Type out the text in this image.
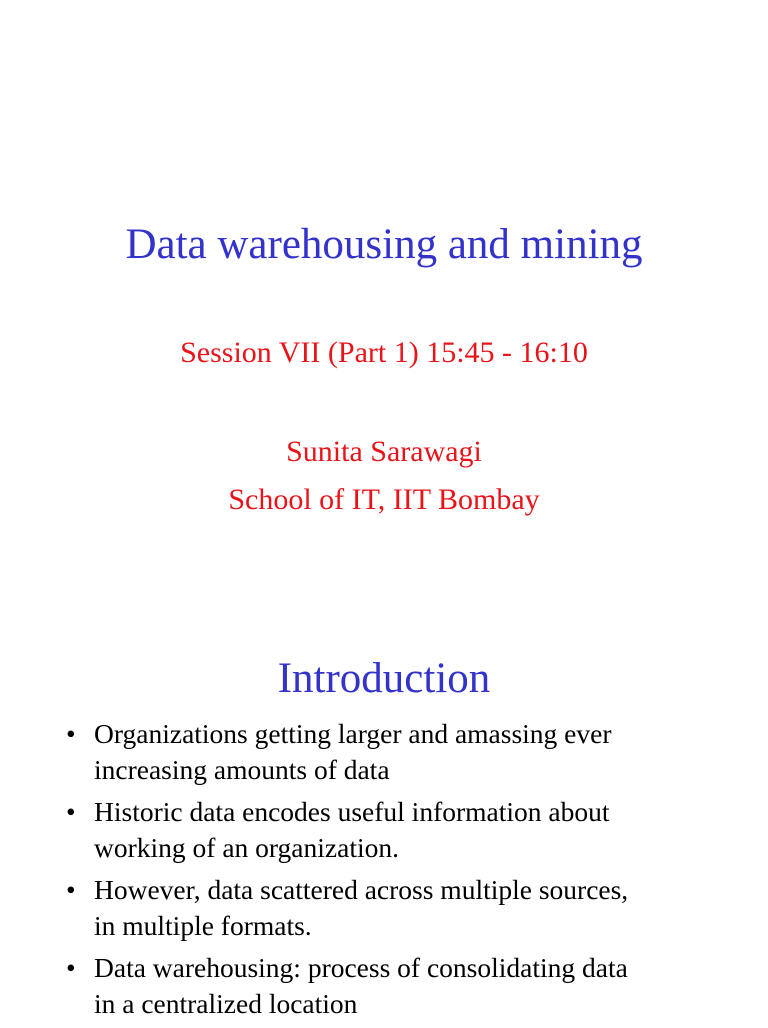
Data warehousing and mining
Session VII (Part 1) 15:45 - 16:10
Sunita Sarawagi
School of IT, IIT Bombay
Introduction
• Organizations getting larger and amassing ever
increasing amounts of data
• Historic data encodes useful information about
working of an organization.
• However, data scattered across multiple sources,
in multiple formats.
• Data warehousing: process of consolidating data
in a centralized location
